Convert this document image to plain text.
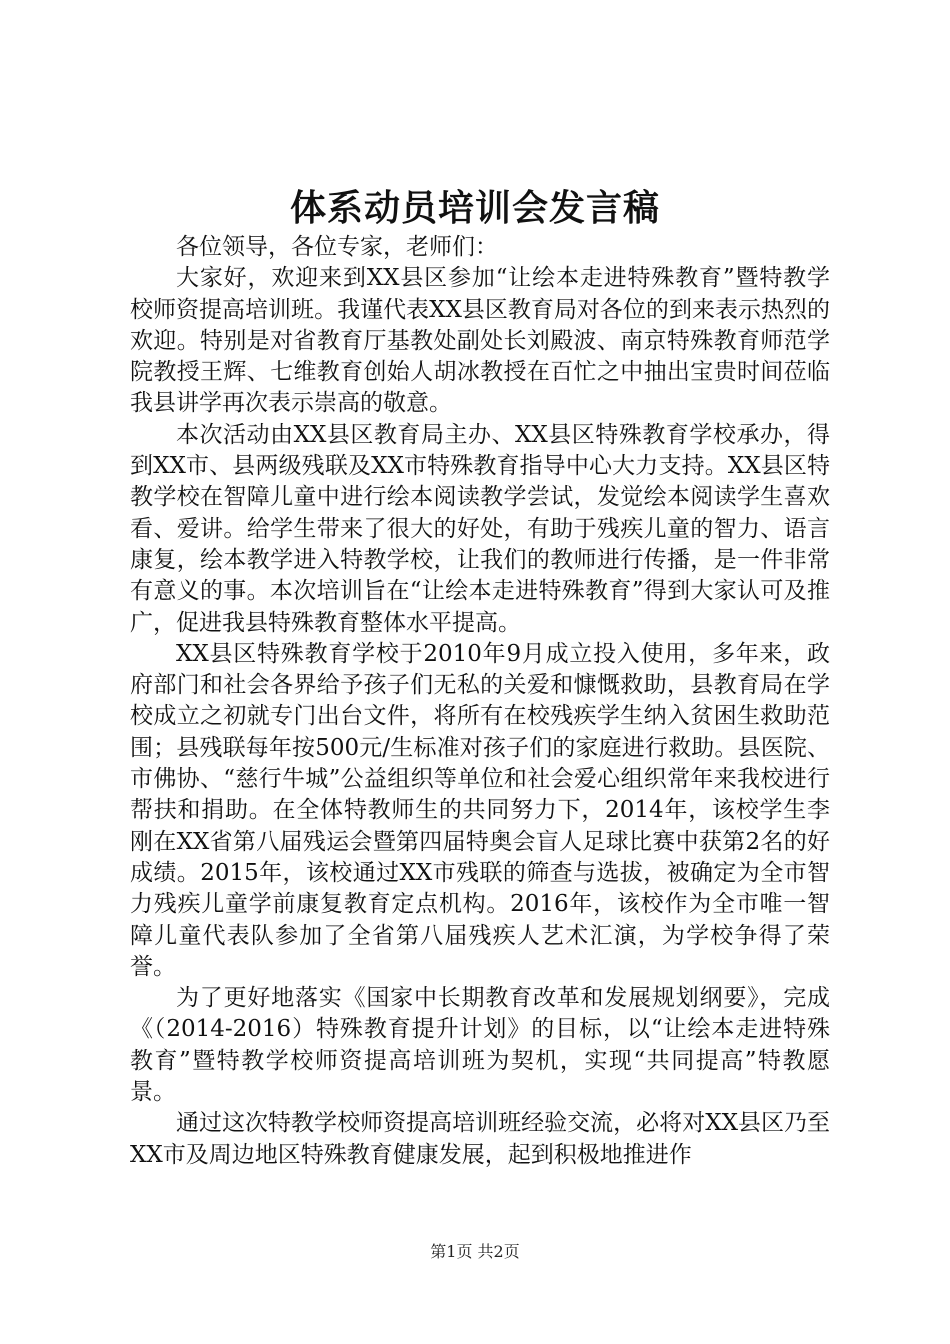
体系动员培训会发言稿

各位领导，各位专家，老师们：

大家好，欢迎来到XX县区参加“让绘本走进特殊教育”暨特教学校师资提高培训班。我谨代表XX县区教育局对各位的到来表示热烈的欢迎。特别是对省教育厅基教处副处长刘殿波、南京特殊教育师范学院教授王辉、七维教育创始人胡冰教授在百忙之中抽出宝贵时间莅临我县讲学再次表示崇高的敬意。

本次活动由XX县区教育局主办、XX县区特殊教育学校承办，得到XX市、县两级残联及XX市特殊教育指导中心大力支持。XX县区特教学校在智障儿童中进行绘本阅读教学尝试，发觉绘本阅读学生喜欢看、爱讲。给学生带来了很大的好处，有助于残疾儿童的智力、语言康复，绘本教学进入特教学校，让我们的教师进行传播，是一件非常有意义的事。本次培训旨在“让绘本走进特殊教育”得到大家认可及推广，促进我县特殊教育整体水平提高。

XX县区特殊教育学校于2010年9月成立投入使用，多年来，政府部门和社会各界给予孩子们无私的关爱和慷慨救助，县教育局在学校成立之初就专门出台文件，将所有在校残疾学生纳入贫困生救助范围；县残联每年按500元/生标准对孩子们的家庭进行救助。县医院、市佛协、“慈行牛城”公益组织等单位和社会爱心组织常年来我校进行帮扶和捐助。在全体特教师生的共同努力下，2014年，该校学生李刚在XX省第八届残运会暨第四届特奥会盲人足球比赛中获第2名的好成绩。2015年，该校通过XX市残联的筛查与选拔，被确定为全市智力残疾儿童学前康复教育定点机构。2016年，该校作为全市唯一智障儿童代表队参加了全省第八届残疾人艺术汇演，为学校争得了荣誉。

为了更好地落实《国家中长期教育改革和发展规划纲要》，完成《（2014-2016）特殊教育提升计划》的目标，以“让绘本走进特殊教育”暨特教学校师资提高培训班为契机，实现“共同提高”特教愿景。

通过这次特教学校师资提高培训班经验交流，必将对XX县区乃至XX市及周边地区特殊教育健康发展，起到积极地推进作

第1页 共2页
